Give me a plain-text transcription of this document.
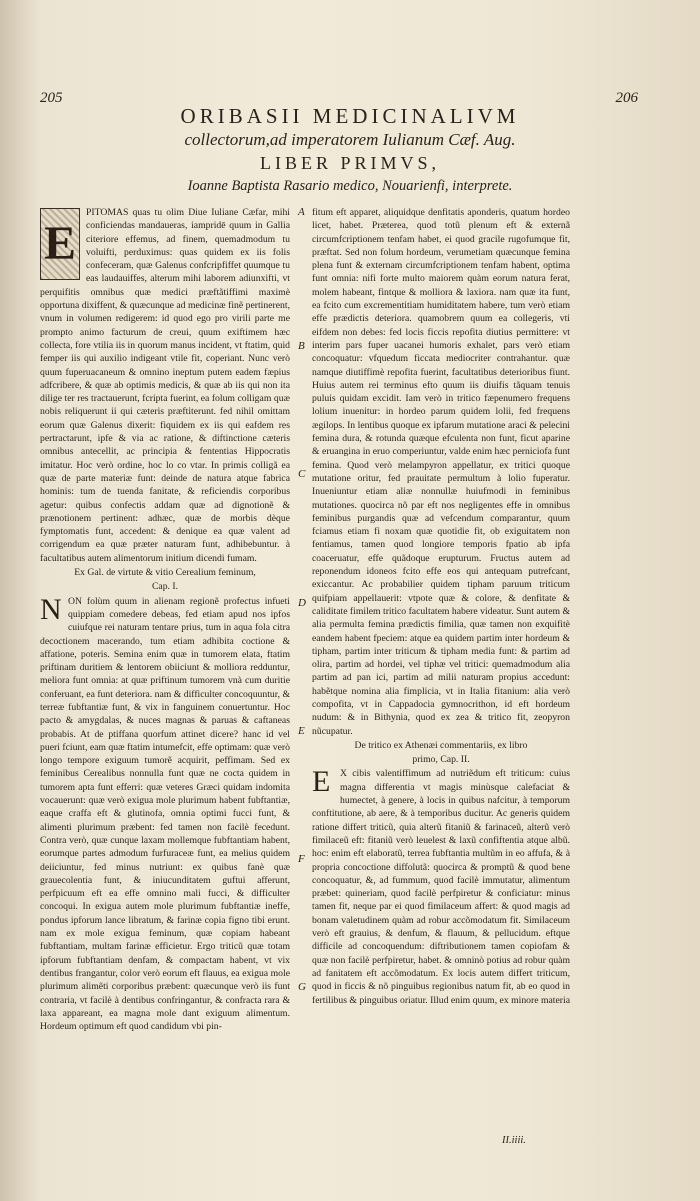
205	206
ORIBASII MEDICINALIVM
collectorum,ad imperatorem Iulianum Cæf. Aug.
LIBER PRIMVS,
Ioanne Baptista Rasario medico, Nouarienfi, interprete.
E

PITOMAS quas tu olim Diue Iuliane Cæfar, mihi conficiendas mandaueras, iampridē quum in Gallia citeriore effemus, ad finem, quemadmodum tu voluifti, perduximus: quas quidem ex iis folis confeceram, quæ Galenus confcripfiffet quumque tu eas laudauiffes, alterum mihi laborem adiunxifti, vt perquifitis omnibus quæ medici præftãtiffimi maximè opportuna dixiffent, & quæcunque ad medicinæ finẽ pertinerent, vnum in volumen redigerem: id quod ego pro virili parte me prompto animo facturum de creui, quum exiftimem hæc collecta, fore vtilia iis in quorum manus incident, vt ftatim, quid femper iis qui auxilio indigeant vtile fit, coperiant. Nunc verò quum fuperuacaneum & omnino ineptum putem eadem fæpius adfcribere, & quæ ab optimis medicis, & quæ ab iis qui non ita dilige ter res tractauerunt, fcripta fuerint, ea folum colligam quæ nobis reliquerunt ii qui cæteris præftiterunt. fed nihil omittam eorum quæ Galenus dixerit: fiquidem ex iis qui eafdem res pertractarunt, ipfe & via ac ratione, & diftinctione cæteris omnibus antecellit, ac principia & fententias Hippocratis imitatur. Hoc verò ordine, hoc lo co vtar. In primis colligã ea quæ de parte materiæ funt: deinde de natura atque fabrica hominis: tum de tuenda fanitate, & reficiendis corporibus agetur: quibus confectis addam quæ ad dignotionẽ & prænotionem pertinent: adhæc, quæ de morbis dèque fymptomatis funt, accedent: & denique ea quæ valent ad corrigendum ea quæ præter naturam funt, adhibebuntur. à facultatibus autem alimentorum initium dicendi fumam.

Ex Gal. de virtute & vitio Cerealium feminum,

Cap. I.

N ON folùm quum in alienam regionẽ profectus infueti quippiam comedere debeas, fed etiam apud nos ipfos cuiufque rei naturam tentare prius, tum in aqua fola citra decoctionem macerando, tum etiam adhibita coctione & affatione, poteris. Semina enim quæ in tumorem elata, ftatim priftinam duritiem & lentorem obiiciunt & molliora redduntur, meliora funt omnia: at quæ priftinum tumorem vnà cum duritie conferuant, ea funt deteriora. nam & difficulter concoquuntur, & terreæ fubftantiæ funt, & vix in fanguinem conuertuntur. Hoc pacto & amygdalas, & nuces magnas & paruas & caftaneas probabis. At de ptiffana quorfum attinet dicere? hanc id vel pueri fciunt, eam quæ ftatim intumefcit, effe optimam: quæ verò longo tempore exiguum tumorẽ acquirit, peffimam. Sed ex feminibus Cerealibus nonnulla funt quæ ne cocta quidem in tumorem apta funt efferri: quæ veteres Græci quidam indomita vocauerunt: quæ verò exigua mole plurimum habent fubftantiæ, eaque craffa eft & glutinofa, omnia optimi fucci funt, & alimenti plurimum præbent: fed tamen non facilè fecedunt. Contra verò, quæ cunque laxam mollemque fubftantiam habent, eorumque partes admodum furfuraceæ funt, ea melius quidem deiiciuntur, fed minus nutriunt: ex quibus fanè quæ grauecolentia funt, & iniucunditatem guftui afferunt, perfpicuum eft ea effe omnino mali fucci, & difficulter concoqui. In exigua autem mole plurimum fubftantiæ ineffe, pondus ipforum lance libratum, & farinæ copia figno tibi erunt. nam ex mole exigua feminum, quæ copiam habeant fubftantiam, multam farinæ efficietur. Ergo triticũ quæ totam ipforum fubftantiam denfam, & compactam habent, vt vix dentibus frangantur, color verò eorum eft flauus, ea exigua mole plurimum alimẽti corporibus præbent: quæcunque verò iis funt contraria, vt facilè à dentibus confringantur, & confracta rara & laxa appareant, ea magna mole dant exiguum alimentum. Hordeum optimum eft quod candidum vbi pin-

A
B
C
D
E
F
G

fitum eft apparet, aliquidque denfitatis aponderis, quatum hordeo licet, habet. Præterea, quod totũ plenum eft & externã circumfcriptionem tenfam habet, ei quod gracile rugofumque fit, præftat. Sed non folum hordeum, verumetiam quæcunque femina plena funt & externam circumfcriptionem tenfam habent, optima funt omnia: nifi forte multo maiorem quàm eorum natura ferat, molem habeant, fintque & molliora & laxiora. nam quæ ita funt, ea fcito cum excrementitiam humiditatem habere, tum verò etiam effe prædictis deteriora. quamobrem quum ea collegeris, vti eifdem non debes: fed locis ficcis repofita diutius permittere: vt interim pars fuper uacanei humoris exhalet, pars verò etiam concoquatur: vfquedum ficcata mediocriter contrahantur. quæ namque diutiffimè repofita fuerint, facultatibus deterioribus fiunt. Huius autem rei terminus efto quum iis diuifis tãquam tenuis puluis quidam excidit. Iam verò in tritico fæpenumero frequens lolium inuenitur: in hordeo parum quidem lolii, fed frequens ægilops. In lentibus quoque ex ipfarum mutatione araci & pelecini femina dura, & rotunda quæque efculenta non funt, ficut aparine & eruangina in eruo comperiuntur, valde enim hæc perniciofa funt femina. Quod verò melampyron appellatur, ex tritici quoque mutatione oritur, fed prauitate permultum à lolio fuperatur. Inueniuntur etiam aliæ nonnullæ huiufmodi in feminibus mutationes. quocirca nõ par eft nos negligentes effe in omnibus feminibus purgandis quæ ad vefcendum comparantur, quum fciamus etiam fi noxam quæ quotidie fit, ob exiguitatem non fentiamus, tamen quod longiore temporis fpatio ab ipfa coaceruatur, effe quãdoque erupturum. Fructus autem ad reponendum idoneos fcito effe eos qui antequam putrefcant, exiccantur. Ac probabilier quidem tipham paruum triticum quifpiam appellauerit: vtpote quæ & colore, & denfitate & caliditate fimilem tritico facultatem habere videatur. Sunt autem & alia permulta femina prædictis fimilia, quæ tamen non exquifitè eandem habent fpeciem: atque ea quidem partim inter hordeum & tipham, partim inter triticum & tipham media funt: & partim ad olira, partim ad hordei, vel tiphæ vel tritici: quemadmodum alia partim ad pan ici, partim ad milii naturam propius accedunt: habẽtque nomina alia fimplicia, vt in Italia fitanium: alia verò compofita, vt in Cappadocia gymnocrithon, id eft hordeum nudum: & in Bithynia, quod ex zea & tritico fit, zeopyron nũcupatur.

De tritico ex Athenæi commentariis, ex libro

primo, Cap. II.

E X cibis valentiffimum ad nutriẽdum eft triticum: cuius magna differentia vt magis minùsque calefaciat & humectet, à genere, à locis in quibus nafcitur, à temporum conftitutione, ab aere, & à temporibus ducitur. Ac generis quidem ratione differt triticũ, quia alterũ fitaniũ & farinaceũ, alterũ verò fimilaceũ eft: fitaniũ verò leuelest & laxũ confiftentia atque albũ. hoc: enim eft elaboratũ, terrea fubftantia multũm in eo affufa, & à propria concoctione diffolutã: quocirca & promptũ & quod bene concoquatur, &, ad fummum, quod facilè immutatur, alimentum præbet: quineriam, quod facilè perfpiretur & conficiatur: minus tamen fit, neque par ei quod fimilaceum affert: & quod magis ad bonam valetudinem quàm ad robur accõmodatum fit. Similaceum verò eft grauius, & denfum, & flauum, & pellucidum. eftque difficile ad concoquendum: diftributionem tamen copiofam & quæ non facilè perfpiretur, habet. & omninò potius ad robur quàm ad fanitatem eft accõmodatum. Ex locis autem differt triticum, quod in ficcis & nõ pinguibus regionibus natum fit, ab eo quod in fertilibus & pinguibus oriatur. Illud enim quum, ex minore materia

II.iiii.
